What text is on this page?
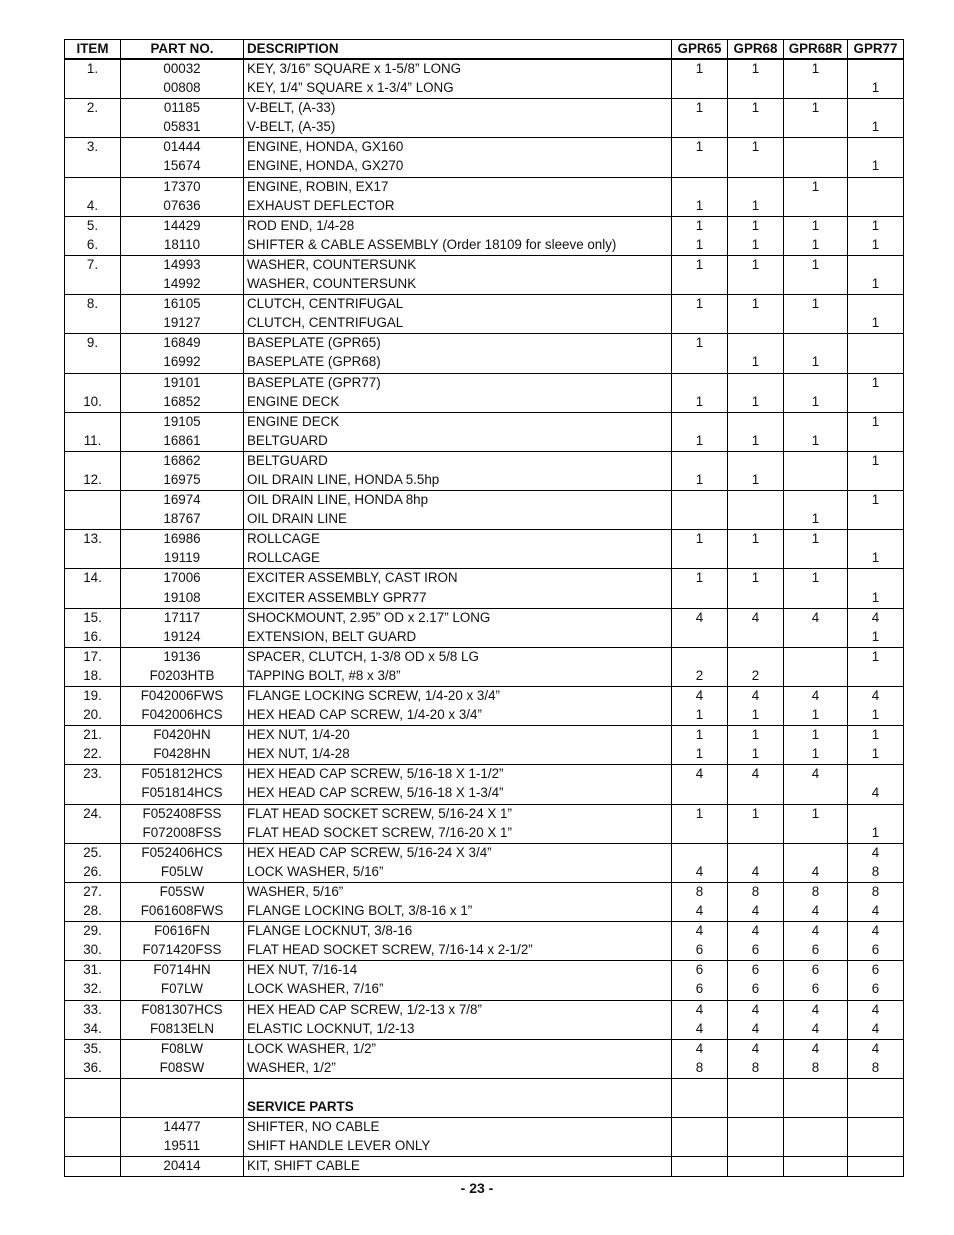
ITEM	PART NO.	DESCRIPTION	GPR65	GPR68	GPR68R	GPR77
1.	00032	KEY, 3/16” SQUARE x 1-5/8” LONG	1	1	1	
	00808	KEY, 1/4” SQUARE x 1-3/4” LONG				1
2.	01185	V-BELT, (A-33)	1	1	1	
	05831	V-BELT, (A-35)				1
3.	01444	ENGINE, HONDA, GX160	1	1		
	15674	ENGINE, HONDA, GX270				1
	17370	ENGINE, ROBIN, EX17			1	
4.	07636	EXHAUST DEFLECTOR	1	1		
5.	14429	ROD END, 1/4-28	1	1	1	1
6.	18110	SHIFTER & CABLE ASSEMBLY (Order 18109 for sleeve only)	1	1	1	1
7.	14993	WASHER, COUNTERSUNK	1	1	1	
	14992	WASHER, COUNTERSUNK				1
8.	16105	CLUTCH, CENTRIFUGAL	1	1	1	
	19127	CLUTCH, CENTRIFUGAL				1
9.	16849	BASEPLATE (GPR65)	1			
	16992	BASEPLATE (GPR68)		1	1	
	19101	BASEPLATE (GPR77)				1
10.	16852	ENGINE DECK	1	1	1	
	19105	ENGINE DECK				1
11.	16861	BELTGUARD	1	1	1	
	16862	BELTGUARD				1
12.	16975	OIL DRAIN LINE, HONDA 5.5hp	1	1		
	16974	OIL DRAIN LINE, HONDA 8hp				1
	18767	OIL DRAIN LINE			1	
13.	16986	ROLLCAGE	1	1	1	
	19119	ROLLCAGE				1
14.	17006	EXCITER ASSEMBLY, CAST IRON	1	1	1	
	19108	EXCITER ASSEMBLY GPR77				1
15.	17117	SHOCKMOUNT, 2.95” OD x 2.17” LONG	4	4	4	4
16.	19124	EXTENSION, BELT GUARD				1
17.	19136	SPACER, CLUTCH, 1-3/8 OD x 5/8 LG				1
18.	F0203HTB	TAPPING BOLT, #8 x 3/8”	2	2		
19.	F042006FWS	FLANGE LOCKING SCREW, 1/4-20 x 3/4”	4	4	4	4
20.	F042006HCS	HEX HEAD CAP SCREW, 1/4-20 x 3/4”	1	1	1	1
21.	F0420HN	HEX NUT, 1/4-20	1	1	1	1
22.	F0428HN	HEX NUT, 1/4-28	1	1	1	1
23.	F051812HCS	HEX HEAD CAP SCREW, 5/16-18 X 1-1/2”	4	4	4	
	F051814HCS	HEX HEAD CAP SCREW, 5/16-18 X 1-3/4”				4
24.	F052408FSS	FLAT HEAD SOCKET SCREW, 5/16-24 X 1”	1	1	1	
	F072008FSS	FLAT HEAD SOCKET SCREW, 7/16-20 X 1”				1
25.	F052406HCS	HEX HEAD CAP SCREW, 5/16-24 X 3/4”				4
26.	F05LW	LOCK WASHER, 5/16”	4	4	4	8
27.	F05SW	WASHER, 5/16”	8	8	8	8
28.	F061608FWS	FLANGE LOCKING BOLT, 3/8-16 x 1”	4	4	4	4
29.	F0616FN	FLANGE LOCKNUT, 3/8-16	4	4	4	4
30.	F071420FSS	FLAT HEAD SOCKET SCREW, 7/16-14 x 2-1/2”	6	6	6	6
31.	F0714HN	HEX NUT, 7/16-14	6	6	6	6
32.	F07LW	LOCK WASHER, 7/16”	6	6	6	6
33.	F081307HCS	HEX HEAD CAP SCREW, 1/2-13 x 7/8”	4	4	4	4
34.	F0813ELN	ELASTIC LOCKNUT, 1/2-13	4	4	4	4
35.	F08LW	LOCK WASHER, 1/2”	4	4	4	4
36.	F08SW	WASHER, 1/2”	8	8	8	8

		SERVICE PARTS				
	14477	SHIFTER, NO CABLE				
	19511	SHIFT HANDLE LEVER ONLY				
	20414	KIT, SHIFT CABLE				
- 23 -
